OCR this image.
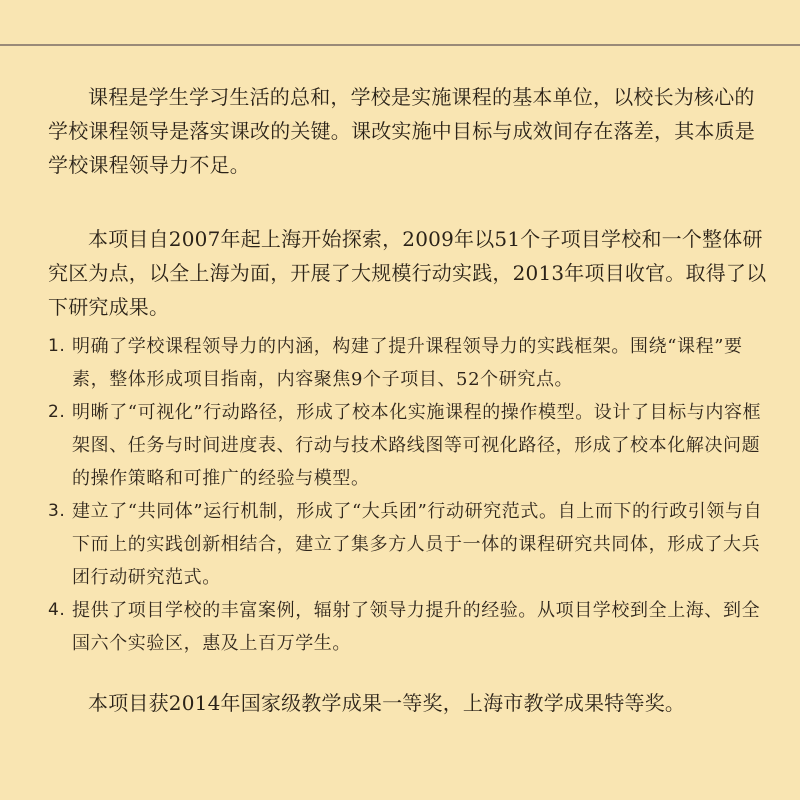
课程是学生学习生活的总和，学校是实施课程的基本单位，以校长为核心的学校课程领导是落实课改的关键。课改实施中目标与成效间存在落差，其本质是学校课程领导力不足。

本项目自2007年起上海开始探索，2009年以51个子项目学校和一个整体研究区为点，以全上海为面，开展了大规模行动实践，2013年项目收官。取得了以下研究成果。

1. 明确了学校课程领导力的内涵，构建了提升课程领导力的实践框架。围绕“课程”要素，整体形成项目指南，内容聚焦9个子项目、52个研究点。
2. 明晰了“可视化”行动路径，形成了校本化实施课程的操作模型。设计了目标与内容框架图、任务与时间进度表、行动与技术路线图等可视化路径，形成了校本化解决问题的操作策略和可推广的经验与模型。
3. 建立了“共同体”运行机制，形成了“大兵团”行动研究范式。自上而下的行政引领与自下而上的实践创新相结合，建立了集多方人员于一体的课程研究共同体，形成了大兵团行动研究范式。
4. 提供了项目学校的丰富案例，辐射了领导力提升的经验。从项目学校到全上海、到全国六个实验区，惠及上百万学生。

本项目获2014年国家级教学成果一等奖，上海市教学成果特等奖。
